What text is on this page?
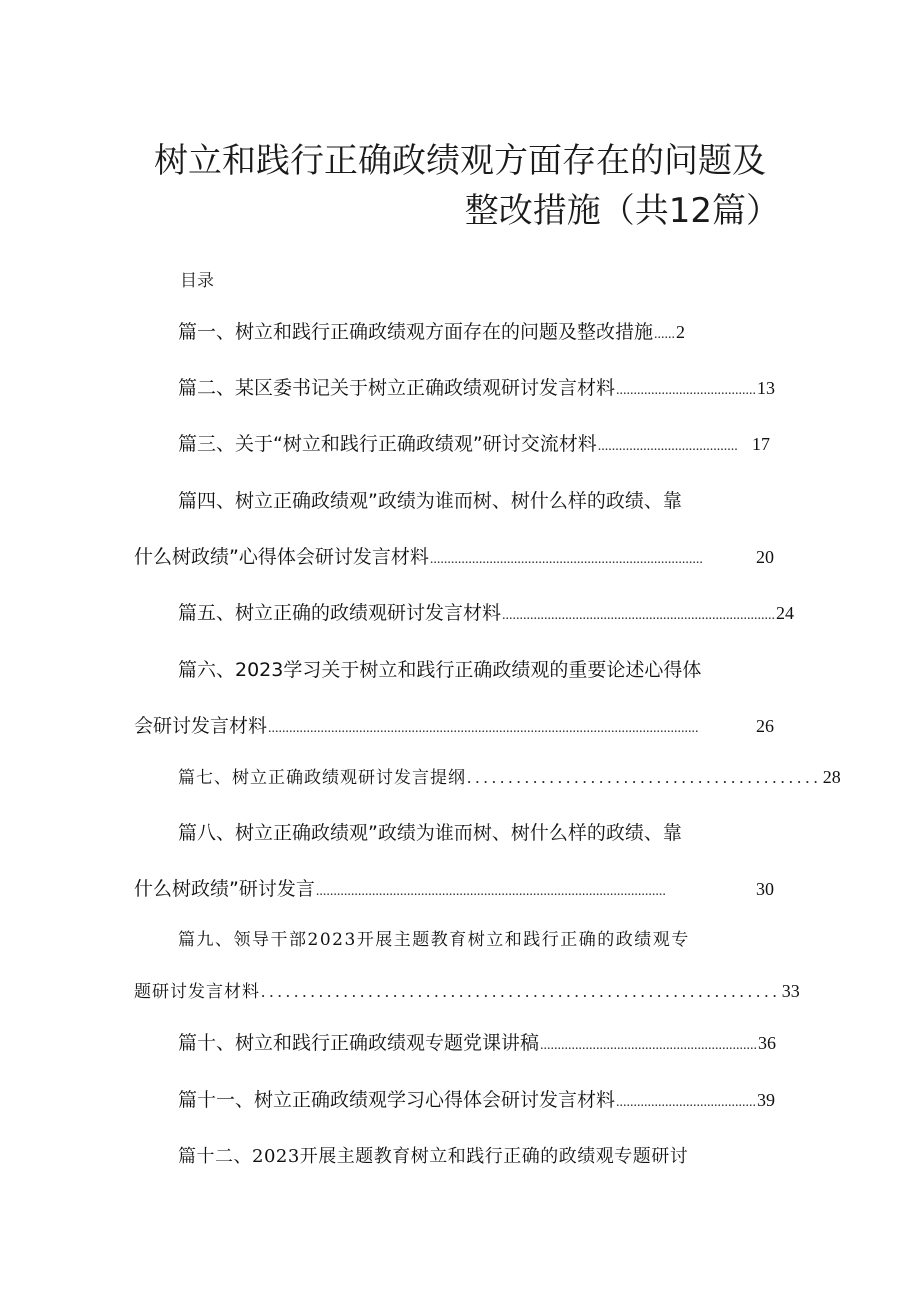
树立和践行正确政绩观方面存在的问题及
整改措施（共12篇）
目录
篇一、树立和践行正确政绩观方面存在的问题及整改措施 ...... 2
篇二、某区委书记关于树立正确政绩观研讨发言材料 ........................................ 13
篇三、关于“树立和践行正确政绩观”研讨交流材料 ........................................ 17
篇四、树立正确政绩观”政绩为谁而树、树什么样的政绩、靠
什么树政绩”心得体会研讨发言材料 ..............................................................................	20
篇五、树立正确的政绩观研讨发言材料 .............................................................................. 24
篇六、2023学习关于树立和践行正确政绩观的重要论述心得体
会研讨发言材料 ...........................................................................................................................	26
篇七、树立正确政绩观研讨发言提纲 ........................................... 28
篇八、树立正确政绩观”政绩为谁而树、树什么样的政绩、靠
什么树政绩”研讨发言 ....................................................................................................	30
篇九、领导干部2023开展主题教育树立和践行正确的政绩观专
题研讨发言材料 ............................................................... 33
篇十、树立和践行正确政绩观专题党课讲稿 .............................................................. 36
篇十一、树立正确政绩观学习心得体会研讨发言材料 ........................................ 39
篇十二、2023开展主题教育树立和践行正确的政绩观专题研讨
